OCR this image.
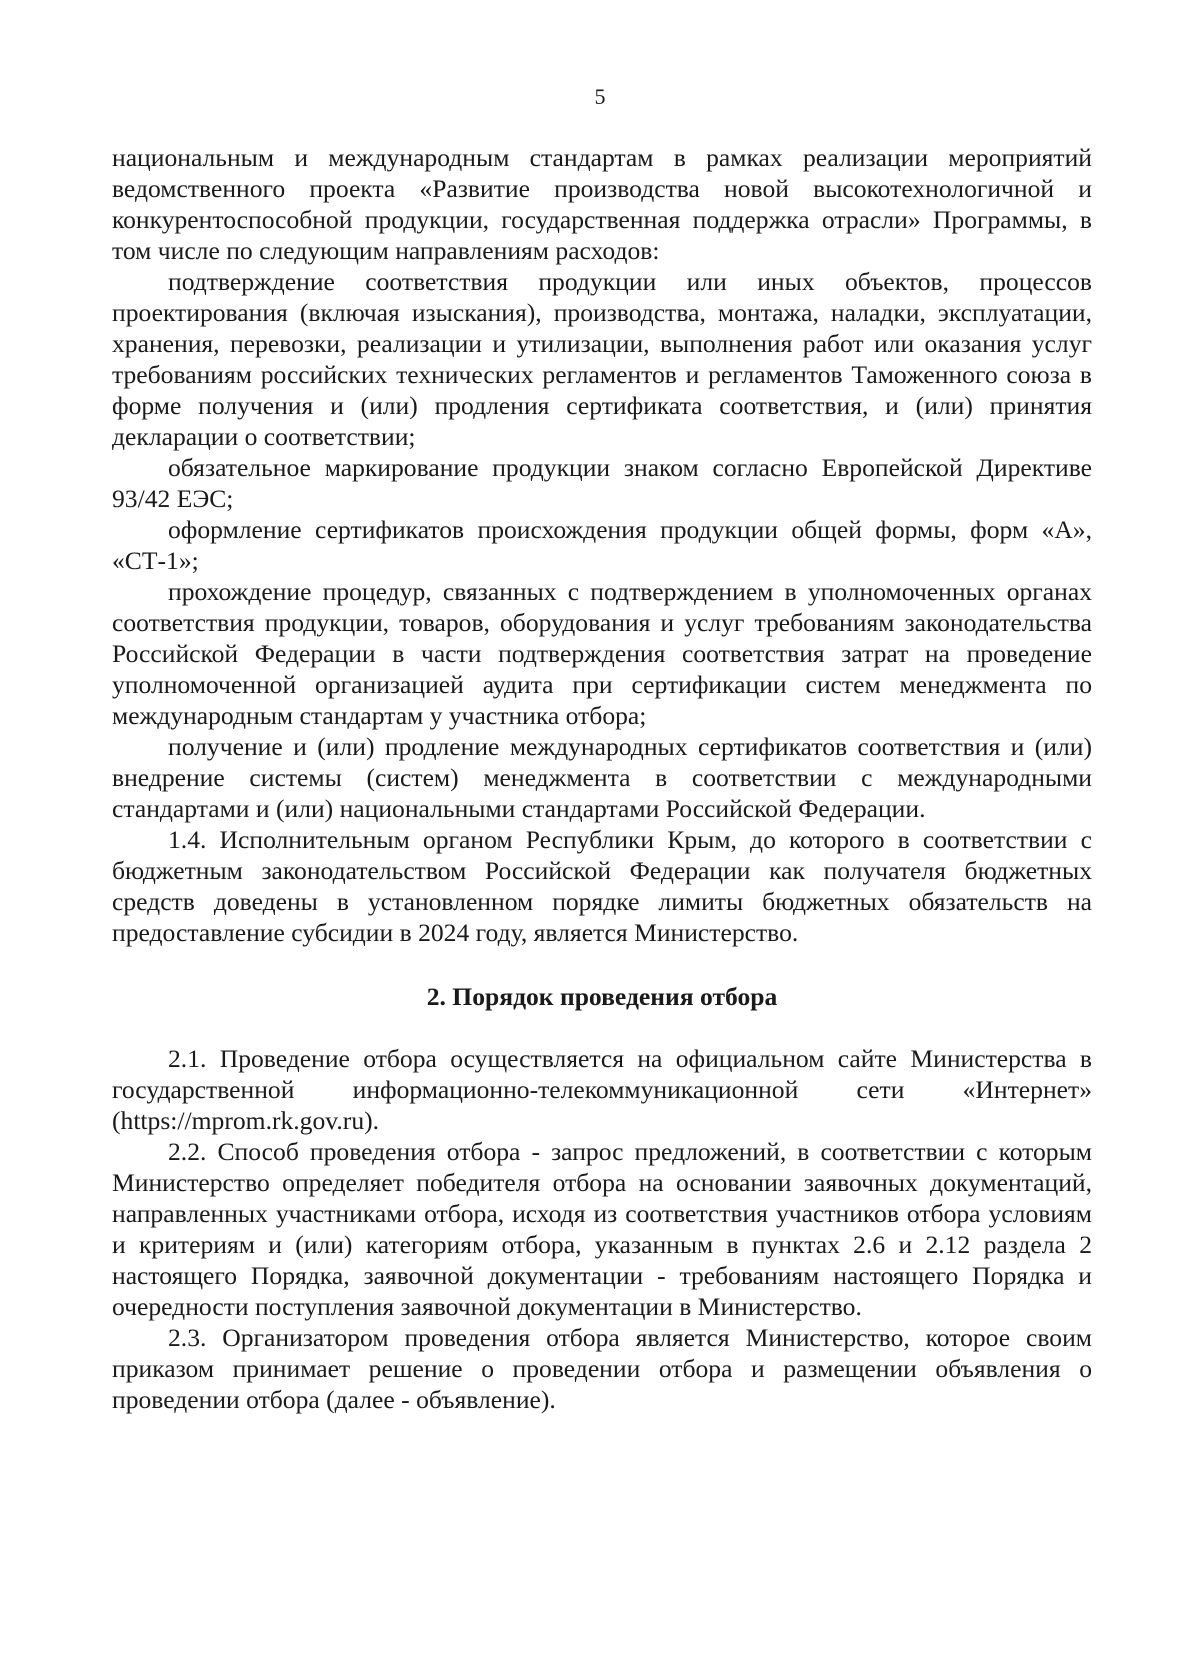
5

национальным и международным стандартам в рамках реализации мероприятий ведомственного проекта «Развитие производства новой высокотехнологичной и конкурентоспособной продукции, государственная поддержка отрасли» Программы, в том числе по следующим направлениям расходов:

подтверждение соответствия продукции или иных объектов, процессов проектирования (включая изыскания), производства, монтажа, наладки, эксплуатации, хранения, перевозки, реализации и утилизации, выполнения работ или оказания услуг требованиям российских технических регламентов и регламентов Таможенного союза в форме получения и (или) продления сертификата соответствия, и (или) принятия декларации о соответствии;

обязательное маркирование продукции знаком согласно Европейской Директиве 93/42 ЕЭС;

оформление сертификатов происхождения продукции общей формы, форм «А», «СТ-1»;

прохождение процедур, связанных с подтверждением в уполномоченных органах соответствия продукции, товаров, оборудования и услуг требованиям законодательства Российской Федерации в части подтверждения соответствия затрат на проведение уполномоченной организацией аудита при сертификации систем менеджмента по международным стандартам у участника отбора;

получение и (или) продление международных сертификатов соответствия и (или) внедрение системы (систем) менеджмента в соответствии с международными стандартами и (или) национальными стандартами Российской Федерации.

1.4. Исполнительным органом Республики Крым, до которого в соответствии с бюджетным законодательством Российской Федерации как получателя бюджетных средств доведены в установленном порядке лимиты бюджетных обязательств на предоставление субсидии в 2024 году, является Министерство.

2. Порядок проведения отбора

2.1. Проведение отбора осуществляется на официальном сайте Министерства в государственной информационно-телекоммуникационной сети «Интернет» (https://mprom.rk.gov.ru).

2.2. Способ проведения отбора - запрос предложений, в соответствии с которым Министерство определяет победителя отбора на основании заявочных документаций, направленных участниками отбора, исходя из соответствия участников отбора условиям и критериям и (или) категориям отбора, указанным в пунктах 2.6 и 2.12 раздела 2 настоящего Порядка, заявочной документации - требованиям настоящего Порядка и очередности поступления заявочной документации в Министерство.

2.3. Организатором проведения отбора является Министерство, которое своим приказом принимает решение о проведении отбора и размещении объявления о проведении отбора (далее - объявление).
